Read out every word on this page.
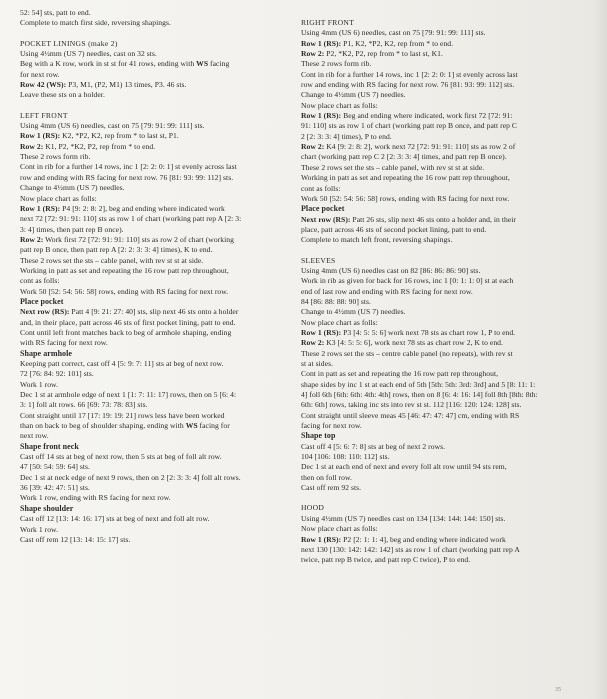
52: 54] sts, patt to end.

Complete to match first side, reversing shapings.

POCKET LININGS (make 2)

Using 4½mm (US 7) needles, cast on 32 sts.

Beg with a K row, work in st st for 41 rows, ending with WS facing

for next row.

Row 42 (WS): P3, M1, (P2, M1) 13 times, P3. 46 sts.

Leave these sts on a holder.

LEFT FRONT

Using 4mm (US 6) needles, cast on 75 [79: 91: 99: 111] sts.

Row 1 (RS): K2, *P2, K2, rep from * to last st, P1.

Row 2: K1, P2, *K2, P2, rep from * to end.

These 2 rows form rib.

Cont in rib for a further 14 rows, inc 1 [2: 2: 0: 1] st evenly across last

row and ending with RS facing for next row. 76 [81: 93: 99: 112] sts.

Change to 4½mm (US 7) needles.

Now place chart as folls:

Row 1 (RS): P4 [9: 2: 8: 2], beg and ending where indicated work

next 72 [72: 91: 91: 110] sts as row 1 of chart (working patt rep A [2: 3:

3: 4] times, then patt rep B once).

Row 2: Work first 72 [72: 91: 91: 110] sts as row 2 of chart (working

patt rep B once, then patt rep A [2: 2: 3: 3: 4] times), K to end.

These 2 rows set the sts – cable panel, with rev st st at side.

Working in patt as set and repeating the 16 row patt rep throughout,

cont as folls:

Work 50 [52: 54: 56: 58] rows, ending with RS facing for next row.

Place pocket

Next row (RS): Patt 4 [9: 21: 27: 40] sts, slip next 46 sts onto a holder

and, in their place, patt across 46 sts of first pocket lining, patt to end.

Cont until left front matches back to beg of armhole shaping, ending

with RS facing for next row.

Shape armhole

Keeping patt correct, cast off 4 [5: 9: 7: 11] sts at beg of next row.

72 [76: 84: 92: 101] sts.

Work 1 row.

Dec 1 st at armhole edge of next 1 [1: 7: 11: 17] rows, then on 5 [6: 4:

3: 1] foll alt rows. 66 [69: 73: 78: 83] sts.

Cont straight until 17 [17: 19: 19: 21] rows less have been worked

than on back to beg of shoulder shaping, ending with WS facing for

next row.

Shape front neck

Cast off 14 sts at beg of next row, then 5 sts at beg of foll alt row.

47 [50: 54: 59: 64] sts.

Dec 1 st at neck edge of next 9 rows, then on 2 [2: 3: 3: 4] foll alt rows.

36 [39: 42: 47: 51] sts.

Work 1 row, ending with RS facing for next row.

Shape shoulder

Cast off 12 [13: 14: 16: 17] sts at beg of next and foll alt row.

Work 1 row.

Cast off rem 12 [13: 14: 15: 17] sts.

RIGHT FRONT

Using 4mm (US 6) needles, cast on 75 [79: 91: 99: 111] sts.

Row 1 (RS): P1, K2, *P2, K2, rep from * to end.

Row 2: P2, *K2, P2, rep from * to last st, K1.

These 2 rows form rib.

Cont in rib for a further 14 rows, inc 1 [2: 2: 0: 1] st evenly across last

row and ending with RS facing for next row. 76 [81: 93: 99: 112] sts.

Change to 4½mm (US 7) needles.

Now place chart as folls:

Row 1 (RS): Beg and ending where indicated, work first 72 [72: 91:

91: 110] sts as row 1 of chart (working patt rep B once, and patt rep C

2 [2: 3: 3: 4] times), P to end.

Row 2: K4 [9: 2: 8: 2], work next 72 [72: 91: 91: 110] sts as row 2 of

chart (working patt rep C 2 [2: 3: 3: 4] times, and patt rep B once).

These 2 rows set the sts – cable panel, with rev st st at side.

Working in patt as set and repeating the 16 row patt rep throughout,

cont as folls:

Work 50 [52: 54: 56: 58] rows, ending with RS facing for next row.

Place pocket

Next row (RS): Patt 26 sts, slip next 46 sts onto a holder and, in their

place, patt across 46 sts of second pocket lining, patt to end.

Complete to match left front, reversing shapings.

SLEEVES

Using 4mm (US 6) needles cast on 82 [86: 86: 86: 90] sts.

Work in rib as given for back for 16 rows, inc 1 [0: 1: 1: 0] st at each

end of last row and ending with RS facing for next row.

84 [86: 88: 88: 90] sts.

Change to 4½mm (US 7) needles.

Now place chart as folls:

Row 1 (RS): P3 [4: 5: 5: 6] work next 78 sts as chart row 1, P to end.

Row 2: K3 [4: 5: 5: 6], work next 78 sts as chart row 2, K to end.

These 2 rows set the sts – centre cable panel (no repeats), with rev st

st at sides.

Cont in patt as set and repeating the 16 row patt rep throughout,

shape sides by inc 1 st at each end of 5th [5th: 5th: 3rd: 3rd] and 5 [8: 11: 1:

4] foll 6th [6th: 6th: 4th: 4th] rows, then on 8 [6: 4: 16: 14] foll 8th [8th: 8th:

6th: 6th] rows, taking inc sts into rev st st. 112 [116: 120: 124: 128] sts.

Cont straight until sleeve meas 45 [46: 47: 47: 47] cm, ending with RS

facing for next row.

Shape top

Cast off 4 [5: 6: 7: 8] sts at beg of next 2 rows.

104 [106: 108: 110: 112] sts.

Dec 1 st at each end of next and every foll alt row until 94 sts rem,

then on foll row.

Cast off rem 92 sts.

HOOD

Using 4½mm (US 7) needles cast on 134 [134: 144: 144: 150] sts.

Now place chart as folls:

Row 1 (RS): P2 [2: 1: 1: 4], beg and ending where indicated work

next 130 [130: 142: 142: 142] sts as row 1 of chart (working patt rep A

twice, patt rep B twice, and patt rep C twice), P to end.

35
